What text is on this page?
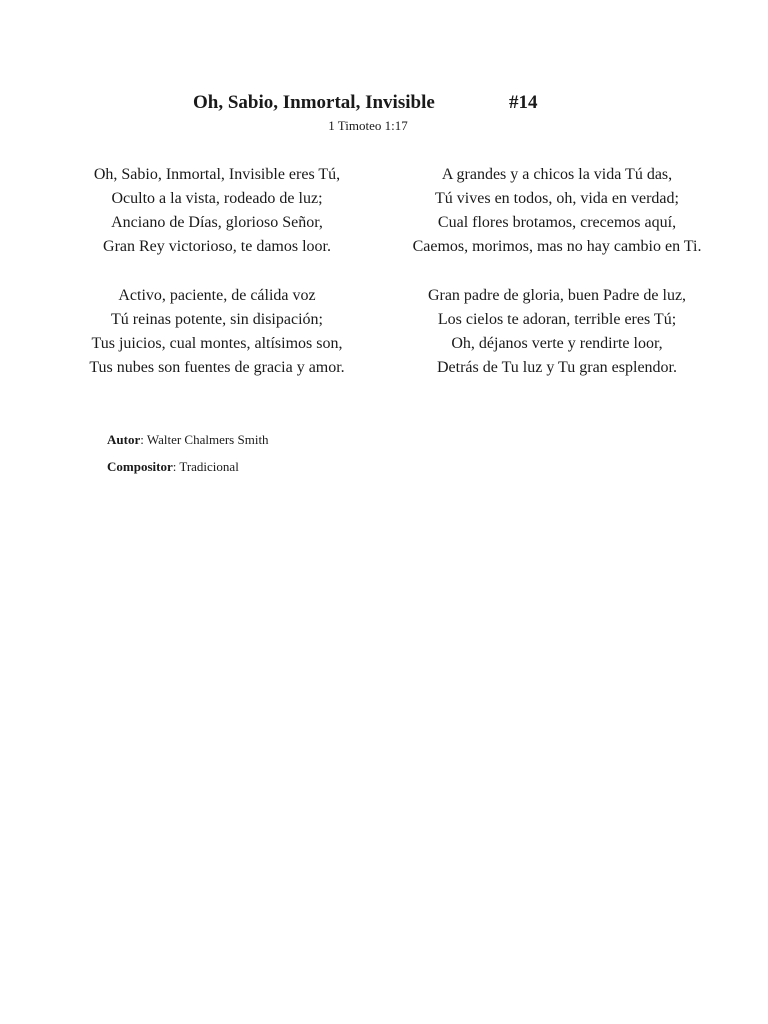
Oh, Sabio, Inmortal, Invisible	#14
1 Timoteo 1:17
Oh, Sabio, Inmortal, Invisible eres Tú,
Oculto a la vista, rodeado de luz;
Anciano de Días, glorioso Señor,
Gran Rey victorioso, te damos loor.
Activo, paciente, de cálida voz
Tú reinas potente, sin disipación;
Tus juicios, cual montes, altísimos son,
Tus nubes son fuentes de gracia y amor.
A grandes y a chicos la vida Tú das,
Tú vives en todos, oh, vida en verdad;
Cual flores brotamos, crecemos aquí,
Caemos, morimos, mas no hay cambio en Ti.
Gran padre de gloria, buen Padre de luz,
Los cielos te adoran, terrible eres Tú;
Oh, déjanos verte y rendirte loor,
Detrás de Tu luz y Tu gran esplendor.
Autor: Walter Chalmers Smith
Compositor: Tradicional
